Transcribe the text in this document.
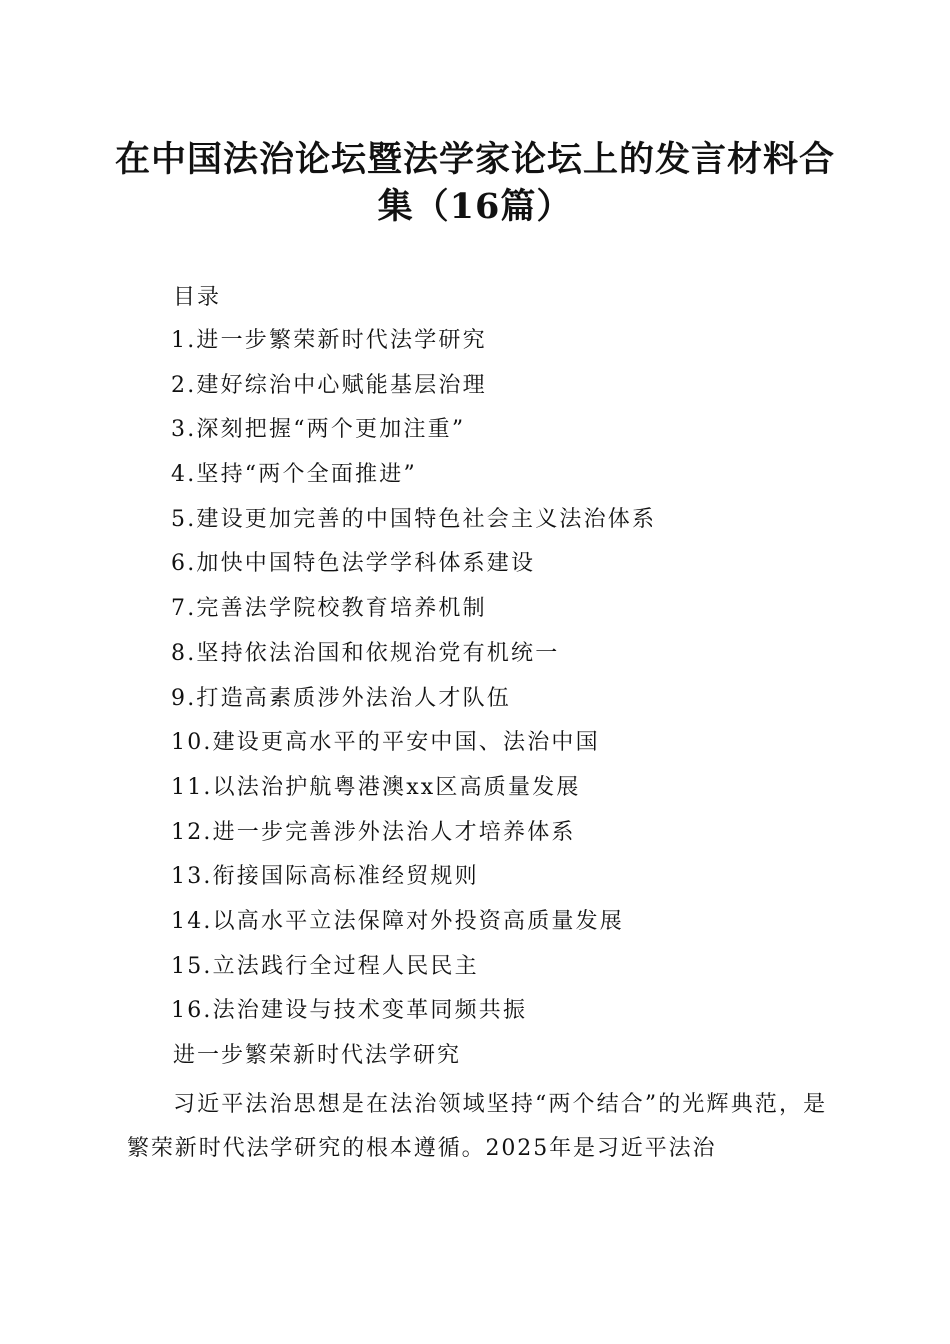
在中国法治论坛暨法学家论坛上的发言材料合
集（16篇）
目录
1.进一步繁荣新时代法学研究
2.建好综治中心赋能基层治理
3.深刻把握“两个更加注重”
4.坚持“两个全面推进”
5.建设更加完善的中国特色社会主义法治体系
6.加快中国特色法学学科体系建设
7.完善法学院校教育培养机制
8.坚持依法治国和依规治党有机统一
9.打造高素质涉外法治人才队伍
10.建设更高水平的平安中国、法治中国
11.以法治护航粤港澳xx区高质量发展
12.进一步完善涉外法治人才培养体系
13.衔接国际高标准经贸规则
14.以高水平立法保障对外投资高质量发展
15.立法践行全过程人民民主
16.法治建设与技术变革同频共振
进一步繁荣新时代法学研究

习近平法治思想是在法治领域坚持“两个结合”的光辉典范，是繁荣新时代法学研究的根本遵循。2025年是习近平法治
